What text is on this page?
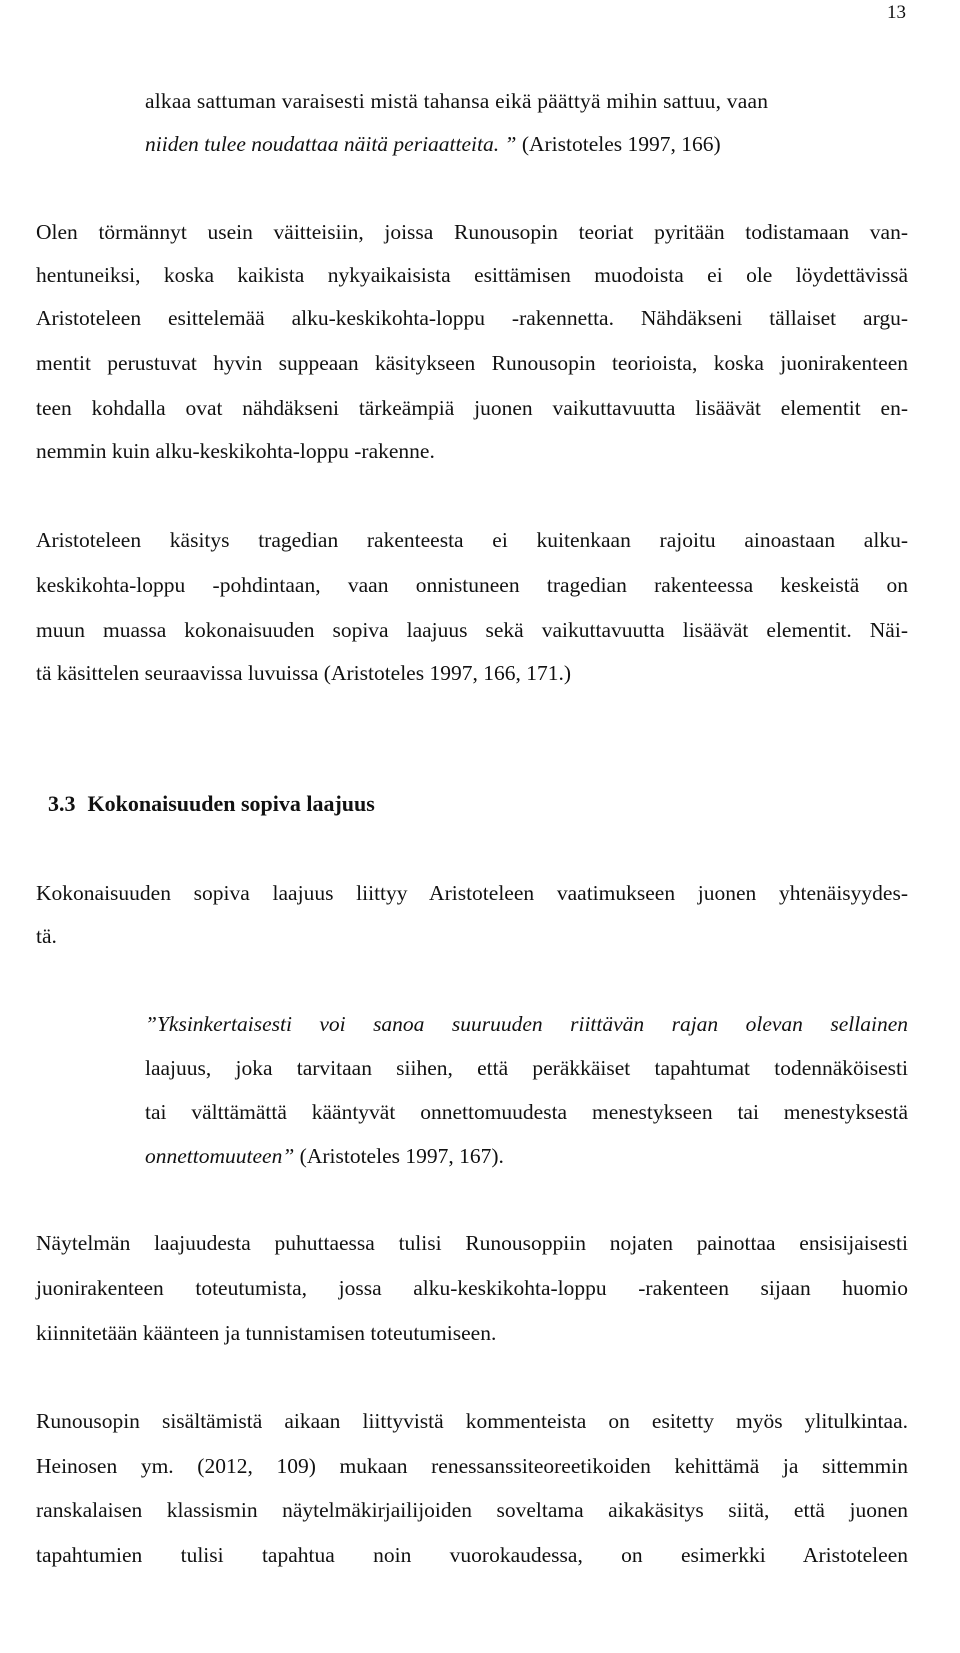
13
alkaa sattuman varaisesti mistä tahansa eikä päättyä mihin sattuu, vaan
niiden tulee noudattaa näitä periaatteita. ” (Aristoteles 1997, 166)
Olen törmännyt usein väitteisiin, joissa Runousopin teoriat pyritään todistamaan van-
hentuneiksi, koska kaikista nykyaikaisista esittämisen muodoista ei ole löydettävissä
Aristoteleen esittelemää alku-keskikohta-loppu -rakennetta. Nähdäkseni tällaiset argu-
mentit perustuvat hyvin suppeaan käsitykseen Runousopin teorioista, koska juonirakenteen
teen kohdalla ovat nähdäkseni tärkeämpiä juonen vaikuttavuutta lisäävät elementit en-
nemmin kuin alku-keskikohta-loppu -rakenne.
Aristoteleen käsitys tragedian rakenteesta ei kuitenkaan rajoitu ainoastaan alku-
keskikohta-loppu -pohdintaan, vaan onnistuneen tragedian rakenteessa keskeistä on
muun muassa kokonaisuuden sopiva laajuus sekä vaikuttavuutta lisäävät elementit. Näi-
tä käsittelen seuraavissa luvuissa (Aristoteles 1997, 166, 171.)
3.3 Kokonaisuuden sopiva laajuus
Kokonaisuuden sopiva laajuus liittyy Aristoteleen vaatimukseen juonen yhtenäisyydes-
tä.
”Yksinkertaisesti voi sanoa suuruuden riittävän rajan olevan sellainen
laajuus, joka tarvitaan siihen, että peräkkäiset tapahtumat todennäköisesti
tai välttämättä kääntyvät onnettomuudesta menestykseen tai menestyksestä
onnettomuuteen” (Aristoteles 1997, 167).
Näytelmän laajuudesta puhuttaessa tulisi Runousoppiin nojaten painottaa ensisijaisesti
juonirakenteen toteutumista, jossa alku-keskikohta-loppu -rakenteen sijaan huomio
kiinnitetään käänteen ja tunnistamisen toteutumiseen.
Runousopin sisältämistä aikaan liittyvistä kommenteista on esitetty myös ylitulkintaa.
Heinosen ym. (2012, 109) mukaan renessanssiteoreetikoiden kehittämä ja sittemmin
ranskalaisen klassismin näytelmäkirjailijoiden soveltama aikakäsitys siitä, että juonen
tapahtumien tulisi tapahtua noin vuorokaudessa, on esimerkki Aristoteleen
